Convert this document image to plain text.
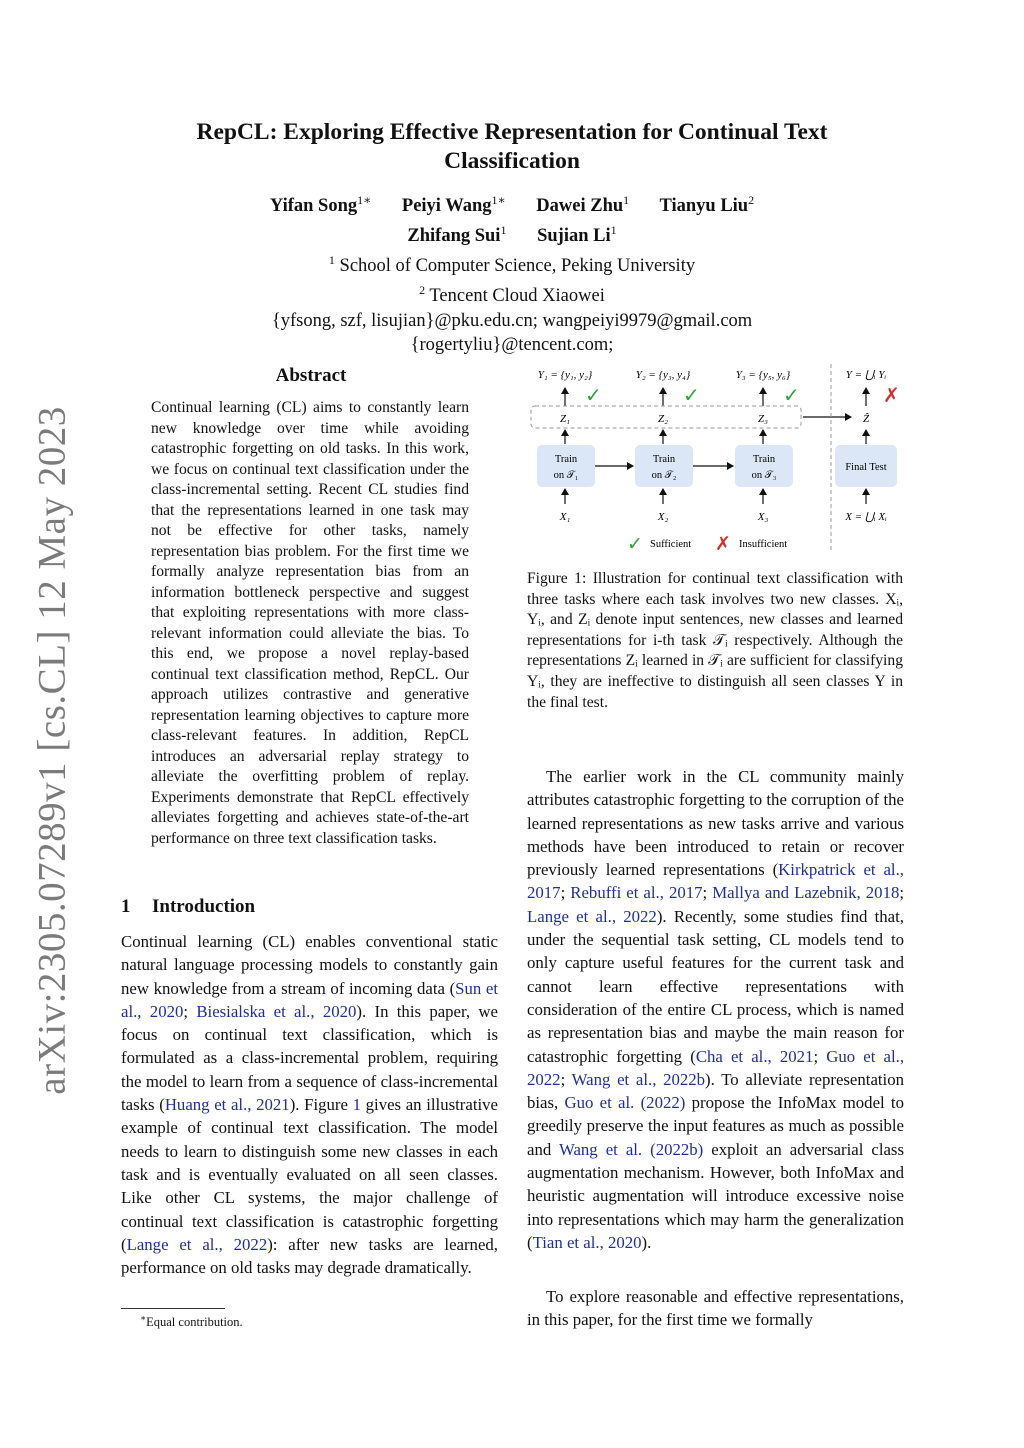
arXiv:2305.07289v1 [cs.CL] 12 May 2023
RepCL: Exploring Effective Representation for Continual Text
Classification
Yifan Song$^{1∗}$ Peiyi Wang$^{1∗}$ Dawei Zhu$^1$ Tianyu Liu$^2$
Zhifang Sui$^1$ Sujian Li$^1$
$^1$ School of Computer Science, Peking University
$^2$ Tencent Cloud Xiaowei
{yfsong, szf, lisujian}@pku.edu.cn; wangpeiyi9979@gmail.com
{rogertyliu}@tencent.com;
Abstract
Continual learning (CL) aims to constantly learn new knowledge over time while avoiding catastrophic forgetting on old tasks. In this work, we focus on continual text classification under the class-incremental setting. Recent CL studies find that the representations learned in one task may not be effective for other tasks, namely representation bias problem. For the first time we formally analyze representation bias from an information bottleneck perspective and suggest that exploiting representations with more class-relevant information could alleviate the bias. To this end, we propose a novel replay-based continual text classification method, RepCL. Our approach utilizes contrastive and generative representation learning objectives to capture more class-relevant features. In addition, RepCL introduces an adversarial replay strategy to alleviate the overfitting problem of replay. Experiments demonstrate that RepCL effectively alleviates forgetting and achieves state-of-the-art performance on three text classification tasks.
1 Introduction
Continual learning (CL) enables conventional static natural language processing models to constantly gain new knowledge from a stream of incoming data (Sun et al., 2020; Biesialska et al., 2020). In this paper, we focus on continual text classification, which is formulated as a class-incremental problem, requiring the model to learn from a sequence of class-incremental tasks (Huang et al., 2021). Figure 1 gives an illustrative example of continual text classification. The model needs to learn to distinguish some new classes in each task and is eventually evaluated on all seen classes. Like other CL systems, the major challenge of continual text classification is catastrophic forgetting (Lange et al., 2022): after new tasks are learned, performance on old tasks may degrade dramatically.
∗Equal contribution.
Y₁ = {y₁, y₂}	Y₂ = {y₃, y₄}	Y₃ = {y₅, y₆}	Y = ⋃ᵢ Yᵢ
✓	✓	✓	✗
Z₁	Z₂	Z₃	Ẑ
Train
on 𝒯₁
Train
on 𝒯₂
Train
on 𝒯₃
Final Test
X₁	X₂	X₃	X = ⋃ᵢ Xᵢ
✓ Sufficient ✗ Insufficient
Figure 1: Illustration for continual text classification with three tasks where each task involves two new classes. Xᵢ, Yᵢ, and Zᵢ denote input sentences, new classes and learned representations for i-th task 𝒯ᵢ respectively. Although the representations Zᵢ learned in 𝒯ᵢ are sufficient for classifying Yᵢ, they are ineffective to distinguish all seen classes Y in the final test.
The earlier work in the CL community mainly attributes catastrophic forgetting to the corruption of the learned representations as new tasks arrive and various methods have been introduced to retain or recover previously learned representations (Kirkpatrick et al., 2017; Rebuffi et al., 2017; Mallya and Lazebnik, 2018; Lange et al., 2022). Recently, some studies find that, under the sequential task setting, CL models tend to only capture useful features for the current task and cannot learn effective representations with consideration of the entire CL process, which is named as representation bias and maybe the main reason for catastrophic forgetting (Cha et al., 2021; Guo et al., 2022; Wang et al., 2022b). To alleviate representation bias, Guo et al. (2022) propose the InfoMax model to greedily preserve the input features as much as possible and Wang et al. (2022b) exploit an adversarial class augmentation mechanism. However, both InfoMax and heuristic augmentation will introduce excessive noise into representations which may harm the generalization (Tian et al., 2020).
To explore reasonable and effective representations, in this paper, for the first time we formally
